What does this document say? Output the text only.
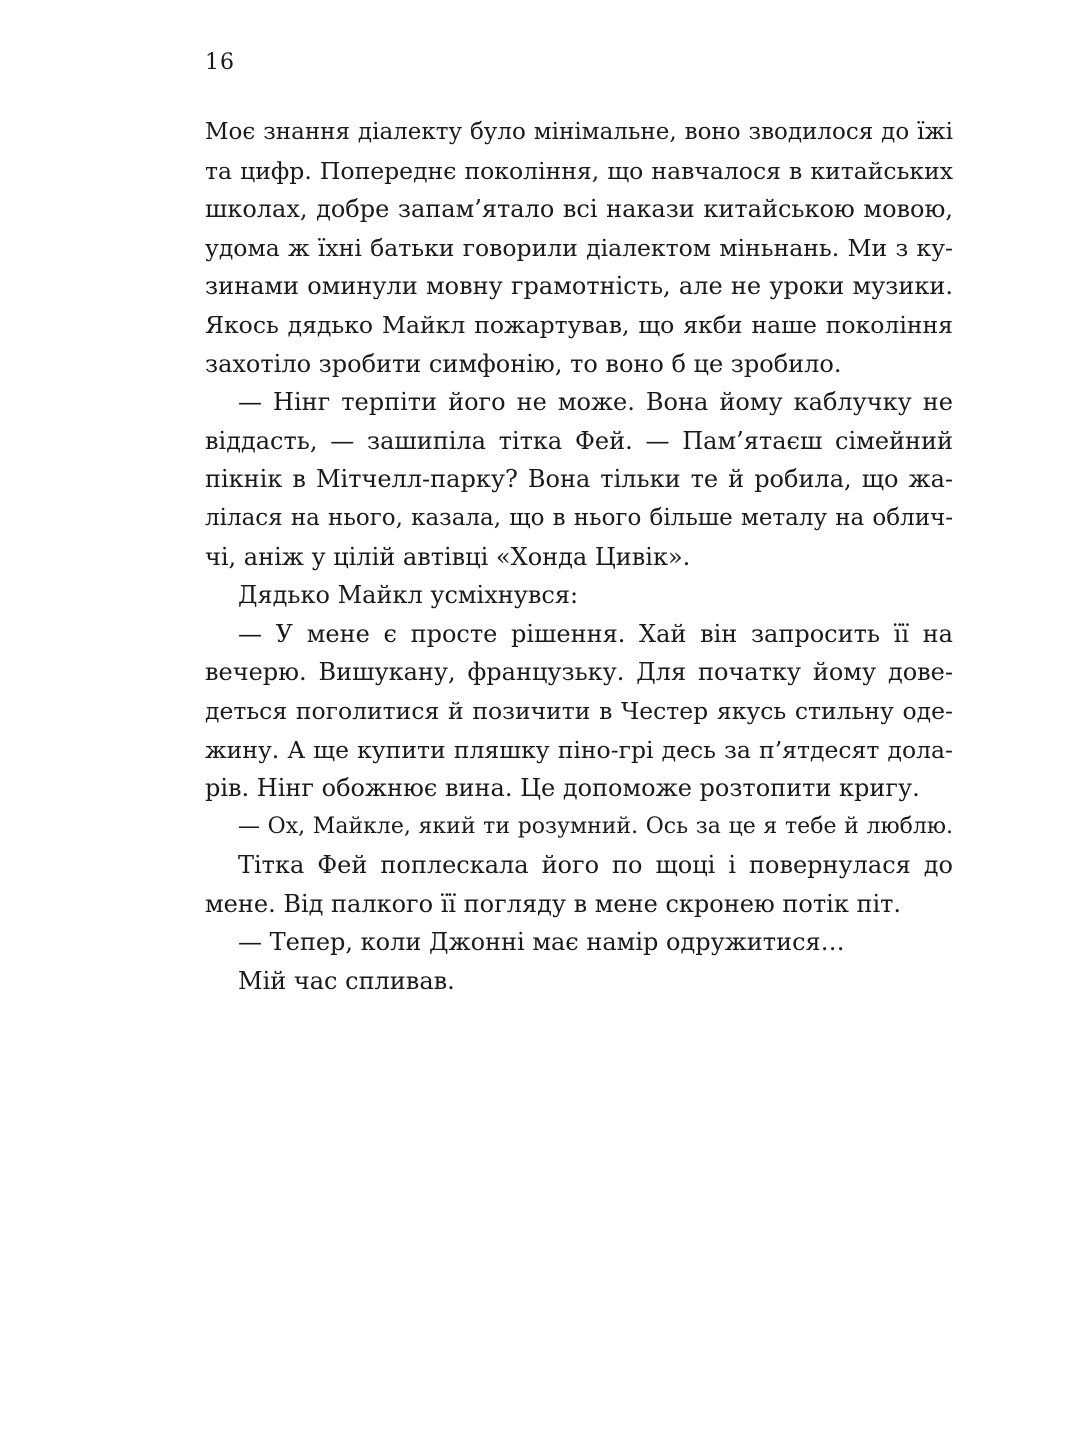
16
Моє знання діалекту було мінімальне, воно зводилося до їжі
та цифр. Попереднє покоління, що навчалося в китайських
школах, добре запам’ятало всі накази китайською мовою,
удома ж їхні батьки говорили діалектом міньнань. Ми з ку-
зинами оминули мовну грамотність, але не уроки музики.
Якось дядько Майкл пожартував, що якби наше покоління
захотіло зробити симфонію, то воно б це зробило.
— Нінг терпіти його не може. Вона йому каблучку не
віддасть, — зашипіла тітка Фей. — Пам’ятаєш сімейний
пікнік в Мітчелл-парку? Вона тільки те й робила, що жа-
лілася на нього, казала, що в нього більше металу на облич-
чі, аніж у цілій автівці «Хонда Цивік».
Дядько Майкл усміхнувся:
— У мене є просте рішення. Хай він запросить її на
вечерю. Вишукану, французьку. Для початку йому дове-
деться поголитися й позичити в Честер якусь стильну оде-
жину. А ще купити пляшку піно-грі десь за п’ятдесят дола-
рів. Нінг обожнює вина. Це допоможе розтопити кригу.
— Ох, Майкле, який ти розумний. Ось за це я тебе й люблю.
Тітка Фей поплескала його по щоці і повернулася до
мене. Від палкого її погляду в мене скронею потік піт.
— Тепер, коли Джонні має намір одружитися…
Мій час спливав.
